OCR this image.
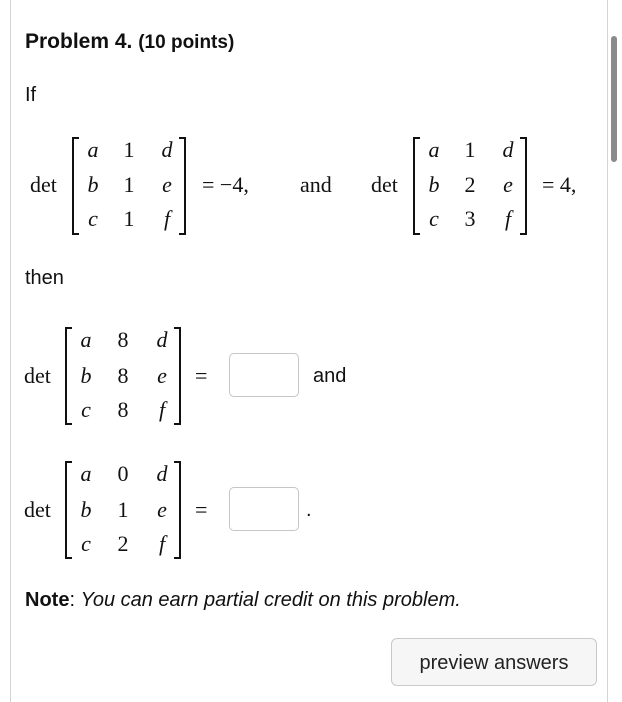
Problem 4. (10 points)
If
det
a	1	d
b	1	e
c	1	f
= −4, and det
a	1	d
b	2	e
c	3	f
= 4,
then
det
a	8	d
b	8	e
c	8	f
=	and
det
a	0	d
b	1	e
c	2	f
=	.
Note: You can earn partial credit on this problem.
preview answers
